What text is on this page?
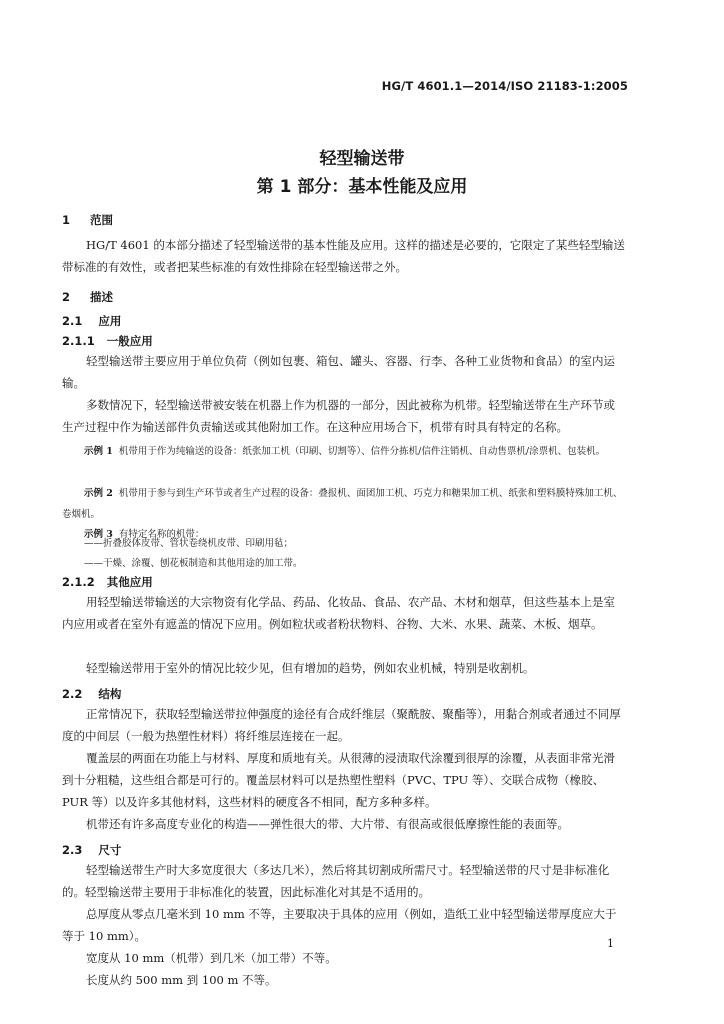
HG/T 4601.1—2014/ISO 21183-1:2005
轻型输送带
第 1 部分：基本性能及应用
1 范围
HG/T 4601 的本部分描述了轻型输送带的基本性能及应用。这样的描述是必要的，它限定了某些轻型输送带标准的有效性，或者把某些标准的有效性排除在轻型输送带之外。
2 描述
2.1 应用
2.1.1 一般应用
轻型输送带主要应用于单位负荷（例如包裹、箱包、罐头、容器、行李、各种工业货物和食品）的室内运输。
多数情况下，轻型输送带被安装在机器上作为机器的一部分，因此被称为机带。轻型输送带在生产环节或生产过程中作为输送部件负责输送或其他附加工作。在这种应用场合下，机带有时具有特定的名称。
示例 1 机带用于作为纯输送的设备：纸张加工机（印刷、切割等）、信件分拣机/信件注销机、自动售票机/涂票机、包装机。
示例 2 机带用于参与到生产环节或者生产过程的设备：叠报机、面团加工机、巧克力和糖果加工机、纸张和塑料膜特殊加工机、卷烟机。
示例 3 有特定名称的机带：
——折叠胶体皮带、管状卷绕机皮带、印刷用毡；
——干燥、涂覆、刨花板制造和其他用途的加工带。
2.1.2 其他应用
用轻型输送带输送的大宗物资有化学品、药品、化妆品、食品、农产品、木材和烟草，但这些基本上是室内应用或者在室外有遮盖的情况下应用。例如粒状或者粉状物料、谷物、大米、水果、蔬菜、木板、烟草。
轻型输送带用于室外的情况比较少见，但有增加的趋势，例如农业机械，特别是收割机。
2.2 结构
正常情况下，获取轻型输送带拉伸强度的途径有合成纤维层（聚酰胺、聚酯等），用黏合剂或者通过不同厚度的中间层（一般为热塑性材料）将纤维层连接在一起。
覆盖层的两面在功能上与材料、厚度和质地有关。从很薄的浸渍取代涂覆到很厚的涂覆，从表面非常光滑到十分粗糙，这些组合都是可行的。覆盖层材料可以是热塑性塑料（PVC、TPU 等）、交联合成物（橡胶、PUR 等）以及许多其他材料，这些材料的硬度各不相同，配方多种多样。
机带还有许多高度专业化的构造——弹性很大的带、大片带、有很高或很低摩擦性能的表面等。
2.3 尺寸
轻型输送带生产时大多宽度很大（多达几米），然后将其切割成所需尺寸。轻型输送带的尺寸是非标准化的。轻型输送带主要用于非标准化的装置，因此标准化对其是不适用的。
总厚度从零点几毫米到 10 mm 不等，主要取决于具体的应用（例如，造纸工业中轻型输送带厚度应大于等于 10 mm）。
宽度从 10 mm（机带）到几米（加工带）不等。
长度从约 500 mm 到 100 m 不等。
1
